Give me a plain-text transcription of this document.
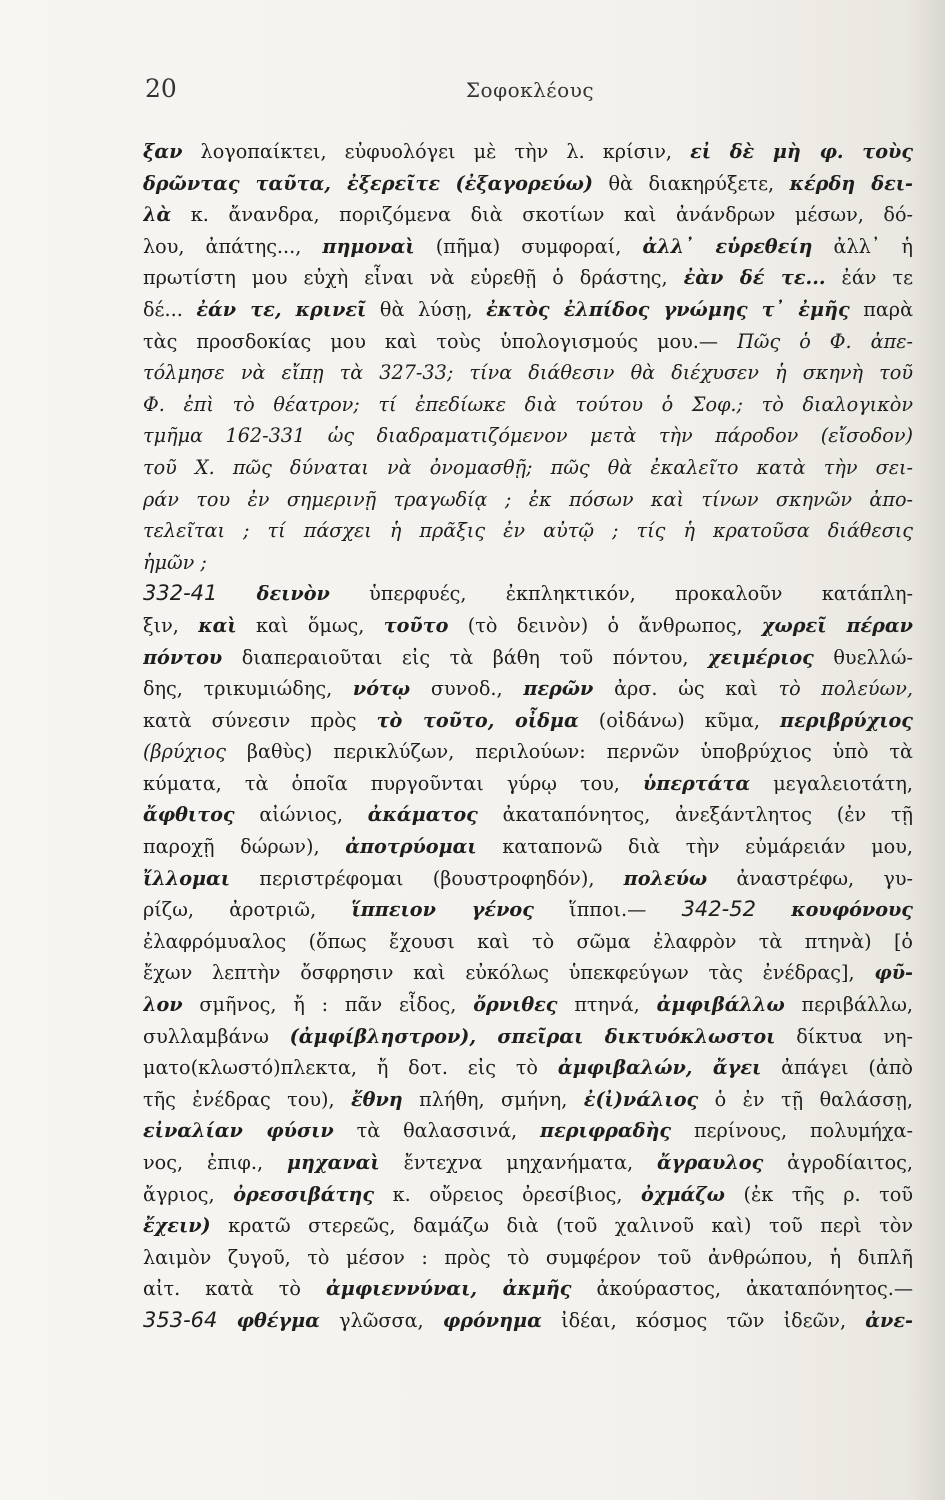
20	Σοφοκλέους
ξαν λογοπαίκτει, εὐφυολόγει μὲ τὴν λ. κρίσιν, εἰ δὲ μὴ φ. τοὺς
δρῶντας ταῦτα, ἐξερεῖτε (ἐξαγορεύω) θὰ διακηρύξετε, κέρδη δει-
λὰ κ. ἄνανδρα, ποριζόμενα διὰ σκοτίων καὶ ἀνάνδρων μέσων, δό-
λου, ἀπάτης..., πημοναὶ (πῆμα) συμφοραί, ἀλλ᾿ εὑρεθείη ἀλλ᾿ ἡ
πρωτίστη μου εὐχὴ εἶναι νὰ εὑρεθῇ ὁ δράστης, ἐὰν δέ τε... ἐάν τε
δέ... ἐάν τε, κρινεῖ θὰ λύσῃ, ἐκτὸς ἐλπίδος γνώμης τ᾿ ἐμῆς παρὰ
τὰς προσδοκίας μου καὶ τοὺς ὑπολογισμούς μου.— Πῶς ὁ Φ. ἀπε-
τόλμησε νὰ εἴπῃ τὰ 327-33; τίνα διάθεσιν θὰ διέχυσεν ἡ σκηνὴ τοῦ
Φ. ἐπὶ τὸ θέατρον; τί ἐπεδίωκε διὰ τούτου ὁ Σοφ.; τὸ διαλογικὸν
τμῆμα 162-331 ὡς διαδραματιζόμενον μετὰ τὴν πάροδον (εἴσοδον)
τοῦ Χ. πῶς δύναται νὰ ὀνομασθῇ; πῶς θὰ ἐκαλεῖτο κατὰ τὴν σει-
ράν του ἐν σημερινῇ τραγωδίᾳ ; ἐκ πόσων καὶ τίνων σκηνῶν ἀπο-
τελεῖται ; τί πάσχει ἡ πρᾶξις ἐν αὐτῷ ; τίς ἡ κρατοῦσα διάθεσις
ἡμῶν ;
332-41 δεινὸν ὑπερφυές, ἐκπληκτικόν, προκαλοῦν κατάπλη-
ξιν, καὶ καὶ ὅμως, τοῦτο (τὸ δεινὸν) ὁ ἄνθρωπος, χωρεῖ πέραν
πόντου διαπεραιοῦται εἰς τὰ βάθη τοῦ πόντου, χειμέριος θυελλώ-
δης, τρικυμιώδης, νότῳ συνοδ., περῶν ἀρσ. ὡς καὶ τὸ πολεύων,
κατὰ σύνεσιν πρὸς τὸ τοῦτο, οἶδμα (οἰδάνω) κῦμα, περιβρύχιος
(βρύχιος βαθὺς) περικλύζων, περιλούων: περνῶν ὑποβρύχιος ὑπὸ τὰ
κύματα, τὰ ὁποῖα πυργοῦνται γύρῳ του, ὑπερτάτα μεγαλειοτάτη,
ἄφθιτος αἰώνιος, ἀκάματος ἀκαταπόνητος, ἀνεξάντλητος (ἐν τῇ
παροχῇ δώρων), ἀποτρύομαι καταπονῶ διὰ τὴν εὐμάρειάν μου,
ἴλλομαι περιστρέφομαι (βουστροφηδόν), πολεύω ἀναστρέφω, γυ-
ρίζω, ἀροτριῶ, ἵππειον γένος ἵπποι.— 342-52 κουφόνους
ἐλαφρόμυαλος (ὅπως ἔχουσι καὶ τὸ σῶμα ἐλαφρὸν τὰ πτηνὰ) [ὁ
ἔχων λεπτὴν ὄσφρησιν καὶ εὐκόλως ὑπεκφεύγων τὰς ἐνέδρας], φῦ-
λον σμῆνος, ἤ : πᾶν εἶδος, ὄρνιθες πτηνά, ἀμφιβάλλω περιβάλλω,
συλλαμβάνω (ἀμφίβληστρον), σπεῖραι δικτυόκλωστοι δίκτυα νη-
ματο(κλωστό)πλεκτα, ἤ δοτ. εἰς τὸ ἀμφιβαλών, ἄγει ἀπάγει (ἀπὸ
τῆς ἐνέδρας του), ἔθνη πλήθη, σμήνη, ἐ(ἰ)νάλιος ὁ ἐν τῇ θαλάσσῃ,
εἰναλίαν φύσιν τὰ θαλασσινά, περιφραδὴς περίνους, πολυμήχα-
νος, ἐπιφ., μηχαναὶ ἔντεχνα μηχανήματα, ἄγραυλος ἀγροδίαιτος,
ἄγριος, ὀρεσσιβάτης κ. οὔρειος ὀρεσίβιος, ὀχμάζω (ἐκ τῆς ρ. τοῦ
ἔχειν) κρατῶ στερεῶς, δαμάζω διὰ (τοῦ χαλινοῦ καὶ) τοῦ περὶ τὸν
λαιμὸν ζυγοῦ, τὸ μέσον : πρὸς τὸ συμφέρον τοῦ ἀνθρώπου, ἡ διπλῆ
αἰτ. κατὰ τὸ ἀμφιεννύναι, ἀκμῆς ἀκούραστος, ἀκαταπόνητος.—
353-64 φθέγμα γλῶσσα, φρόνημα ἰδέαι, κόσμος τῶν ἰδεῶν, ἀνε-
